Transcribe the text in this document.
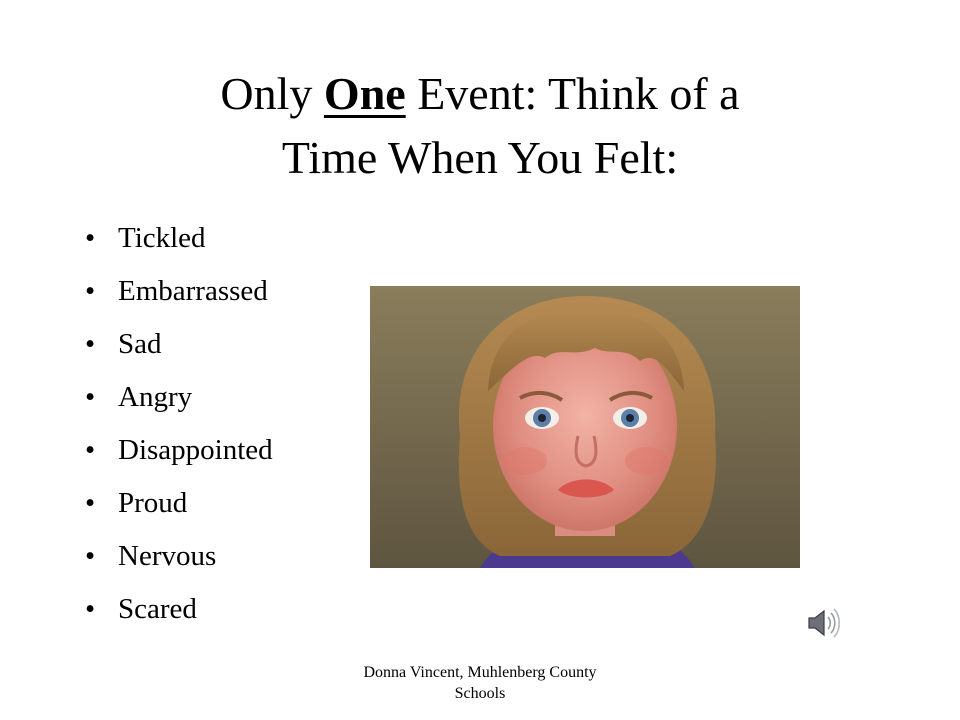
Only One Event: Think of a
Time When You Felt:
• Tickled
• Embarrassed
• Sad
• Angry
• Disappointed
• Proud
• Nervous
• Scared
Donna Vincent, Muhlenberg County
Schools
